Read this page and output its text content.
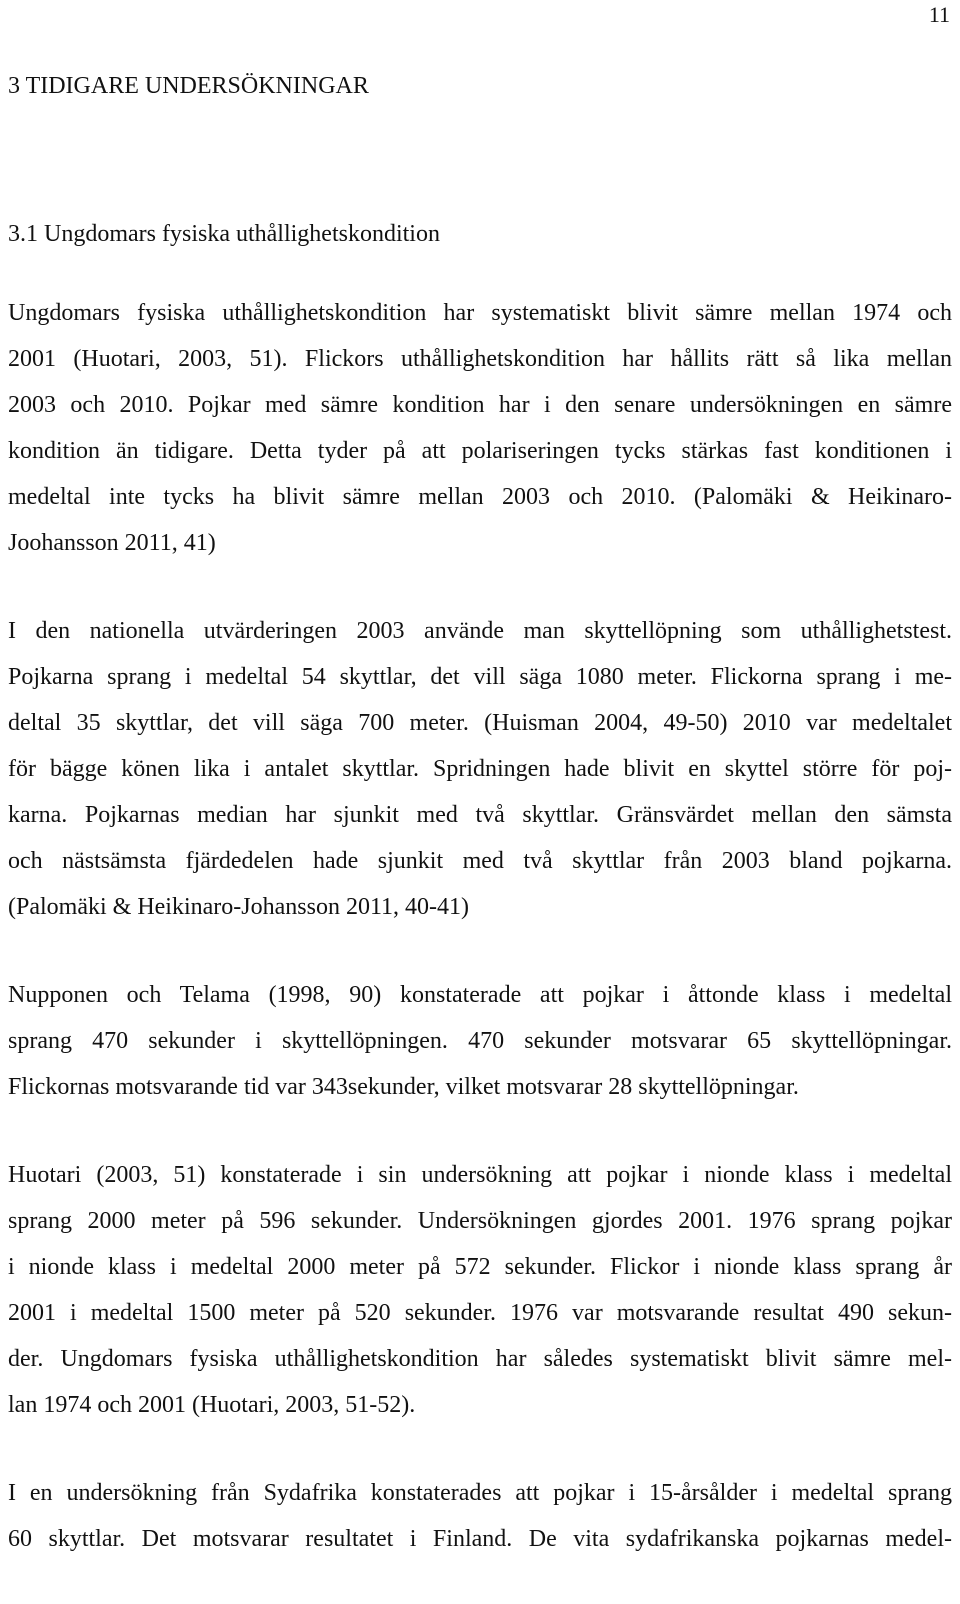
11
3 TIDIGARE UNDERSÖKNINGAR
3.1 Ungdomars fysiska uthållighetskondition
Ungdomars fysiska uthållighetskondition har systematiskt blivit sämre mellan 1974 och
2001 (Huotari, 2003, 51). Flickors uthållighetskondition har hållits rätt så lika mellan
2003 och 2010. Pojkar med sämre kondition har i den senare undersökningen en sämre
kondition än tidigare. Detta tyder på att polariseringen tycks stärkas fast konditionen i
medeltal inte tycks ha blivit sämre mellan 2003 och 2010. (Palomäki & Heikinaro-
Joohansson 2011, 41)
I den nationella utvärderingen 2003 använde man skyttellöpning som uthållighetstest.
Pojkarna sprang i medeltal 54 skyttlar, det vill säga 1080 meter. Flickorna sprang i me-
deltal 35 skyttlar, det vill säga 700 meter. (Huisman 2004, 49-50) 2010 var medeltalet
för bägge könen lika i antalet skyttlar. Spridningen hade blivit en skyttel större för poj-
karna. Pojkarnas median har sjunkit med två skyttlar. Gränsvärdet mellan den sämsta
och nästsämsta fjärdedelen hade sjunkit med två skyttlar från 2003 bland pojkarna.
(Palomäki & Heikinaro-Johansson 2011, 40-41)
Nupponen och Telama (1998, 90) konstaterade att pojkar i åttonde klass i medeltal
sprang 470 sekunder i skyttellöpningen. 470 sekunder motsvarar 65 skyttellöpningar.
Flickornas motsvarande tid var 343sekunder, vilket motsvarar 28 skyttellöpningar.
Huotari (2003, 51) konstaterade i sin undersökning att pojkar i nionde klass i medeltal
sprang 2000 meter på 596 sekunder. Undersökningen gjordes 2001. 1976 sprang pojkar
i nionde klass i medeltal 2000 meter på 572 sekunder. Flickor i nionde klass sprang år
2001 i medeltal 1500 meter på 520 sekunder. 1976 var motsvarande resultat 490 sekun-
der. Ungdomars fysiska uthållighetskondition har således systematiskt blivit sämre mel-
lan 1974 och 2001 (Huotari, 2003, 51-52).
I en undersökning från Sydafrika konstaterades att pojkar i 15-årsålder i medeltal sprang
60 skyttlar. Det motsvarar resultatet i Finland. De vita sydafrikanska pojkarnas medel-
